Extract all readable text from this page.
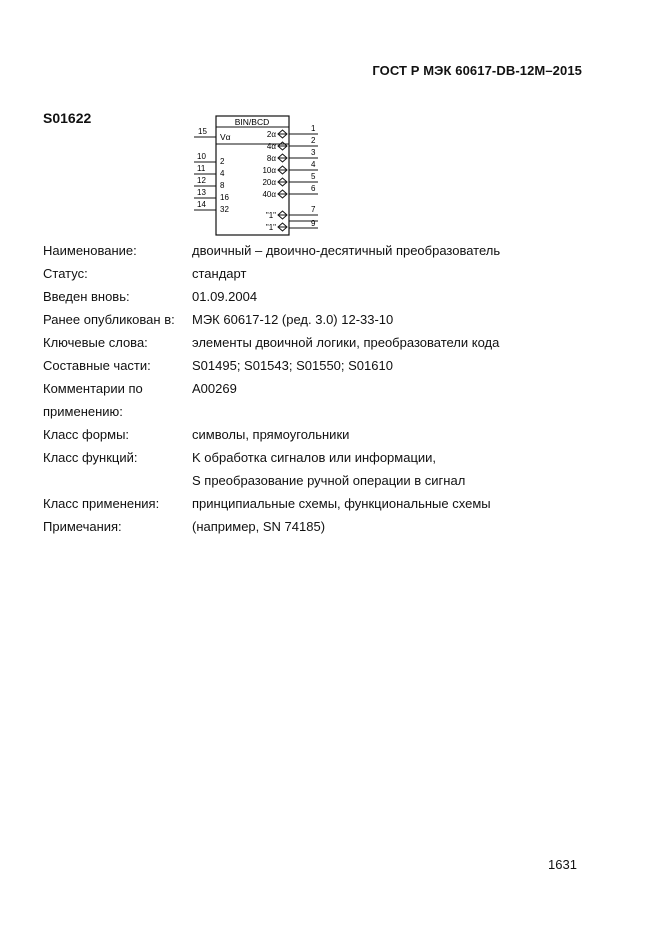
ГОСТ Р МЭК 60617-DB-12M–2015
S01622	BIN/BCD
15
Vα
10
2
11
4
12
8
13
16
14
32
2α
1
4α
2
8α
3
10α
4
20α
5
40α
6
"1"
7
"1"	9
Наименование:	двоичный – двоично-десятичный преобразователь
Статус:	стандарт
Введен вновь:	01.09.2004
Ранее опубликован в: МЭК 60617-12 (ред. 3.0) 12-33-10
Ключевые слова:	элементы двоичной логики, преобразователи кода
Составные части:	S01495; S01543; S01550; S01610
Комментарии по	A00269
применению:
Класс формы:	символы, прямоугольники
Класс функций:	K обработка сигналов или информации,
S преобразование ручной операции в сигнал
Класс применения:	принципиальные схемы, функциональные схемы
Примечания:	(например, SN 74185)
1631
